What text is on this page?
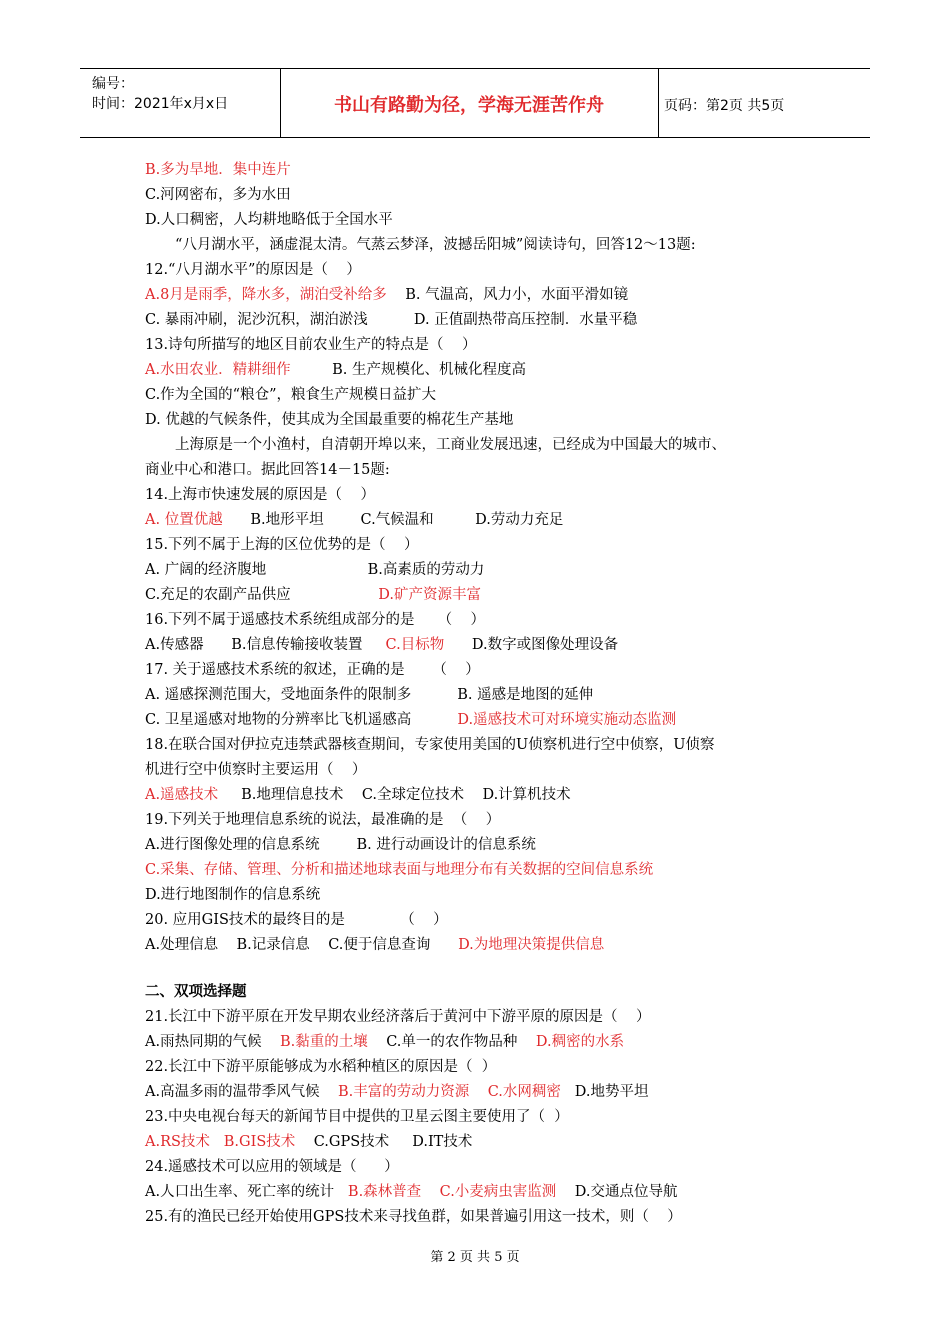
编号：
时间：2021年x月x日	书山有路勤为径，学海无涯苦作舟	页码：第2页 共5页
B.多为旱地．集中连片
C.河网密布，多为水田
D.人口稠密，人均耕地略低于全国水平
“八月湖水平，涵虚混太清。气蒸云梦泽，波撼岳阳城”阅读诗句，回答12～13题:
12.“八月湖水平”的原因是（    ）
A.8月是雨季，降水多，湖泊受补给多    B. 气温高，风力小，水面平滑如镜
C. 暴雨冲刷，泥沙沉积，湖泊淤浅          D. 正值副热带高压控制．水量平稳
13.诗句所描写的地区目前农业生产的特点是（    ）
A.水田农业．精耕细作         B. 生产规模化、机械化程度高
C.作为全国的“粮仓”，粮食生产规模日益扩大
D. 优越的气候条件，使其成为全国最重要的棉花生产基地
上海原是一个小渔村，自清朝开埠以来，工商业发展迅速，已经成为中国最大的城市、
商业中心和港口。据此回答14－15题:
14.上海市快速发展的原因是（    ）
A. 位置优越      B.地形平坦        C.气候温和         D.劳动力充足
15.下列不属于上海的区位优势的是（    ）
A. 广阔的经济腹地                      B.高素质的劳动力
C.充足的农副产品供应                   D.矿产资源丰富
16.下列不属于遥感技术系统组成部分的是     （    ）
A.传感器      B.信息传输接收装置     C.目标物      D.数字或图像处理设备
17. 关于遥感技术系统的叙述，正确的是      （    ）
A. 遥感探测范围大，受地面条件的限制多          B. 遥感是地图的延伸
C. 卫星遥感对地物的分辨率比飞机遥感高          D.遥感技术可对环境实施动态监测
18.在联合国对伊拉克违禁武器核查期间，专家使用美国的U侦察机进行空中侦察，U侦察
机进行空中侦察时主要运用（    ）
A.遥感技术     B.地理信息技术    C.全球定位技术    D.计算机技术
19.下列关于地理信息系统的说法，最准确的是  （    ）
A.进行图像处理的信息系统        B. 进行动画设计的信息系统
C.采集、存储、管理、分析和描述地球表面与地理分布有关数据的空间信息系统
D.进行地图制作的信息系统
20. 应用GIS技术的最终目的是            （    ）
A.处理信息    B.记录信息    C.便于信息查询      D.为地理决策提供信息
二、双项选择题
21.长江中下游平原在开发早期农业经济落后于黄河中下游平原的原因是（    ）
A.雨热同期的气候    B.黏重的土壤    C.单一的农作物品种    D.稠密的水系
22.长江中下游平原能够成为水稻种植区的原因是（  ）
A.高温多雨的温带季风气候    B.丰富的劳动力资源 C.水网稠密   D.地势平坦
23.中央电视台每天的新闻节目中提供的卫星云图主要使用了（  ）
A.RS技术   B.GIS技术    C.GPS技术     D.IT技术
24.遥感技术可以应用的领域是（      ）
A.人口出生率、死亡率的统计   B.森林普查 C.小麦病虫害监测    D.交通点位导航
25.有的渔民已经开始使用GPS技术来寻找鱼群，如果普遍引用这一技术，则（    ）
第 2 页 共 5 页
